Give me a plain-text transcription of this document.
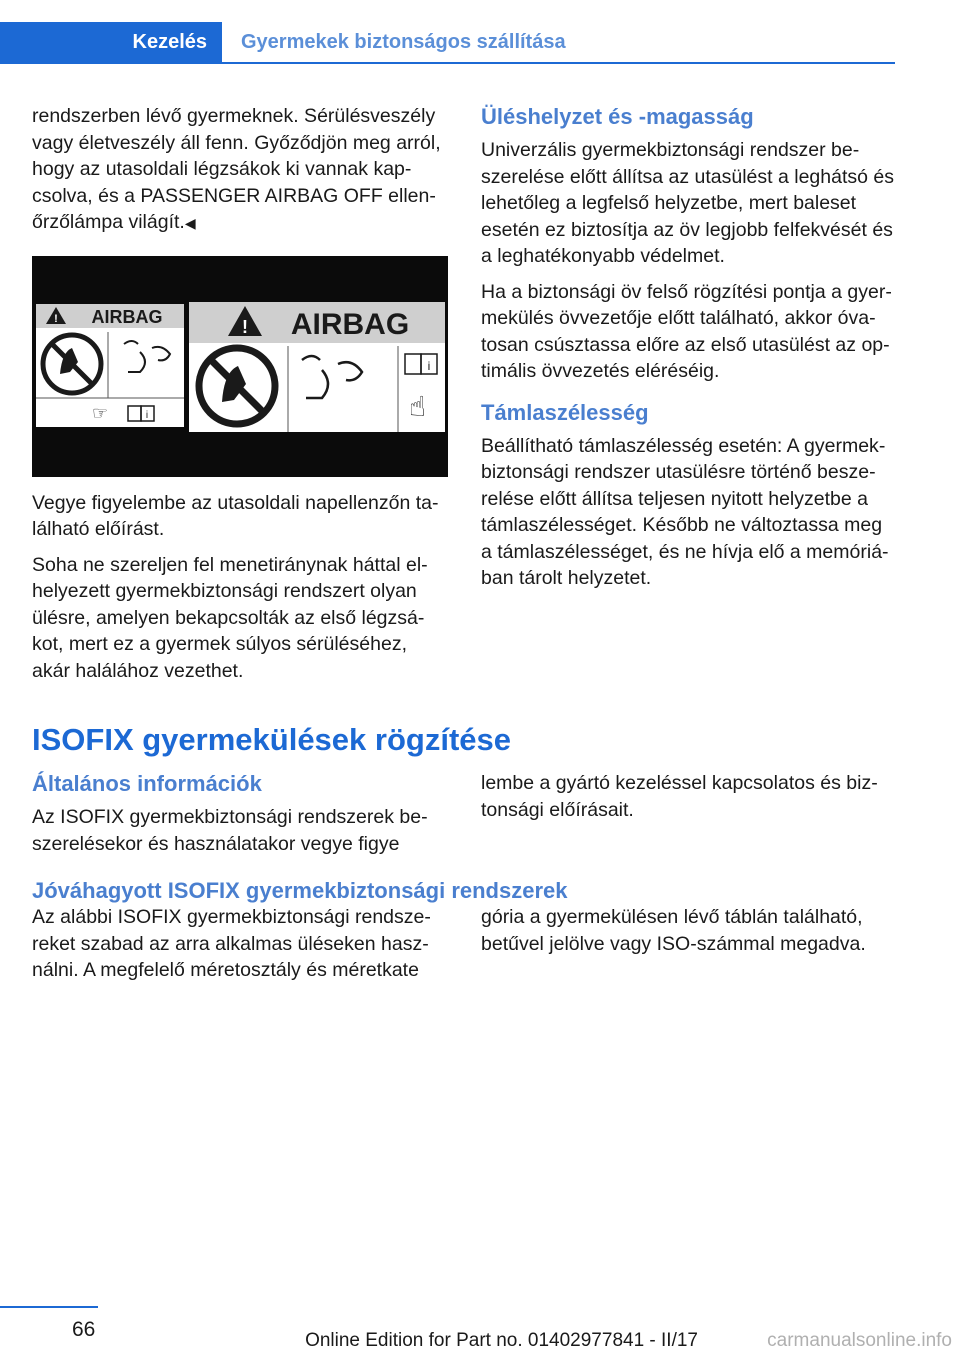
Kezelés	Gyermekek biztonságos szállítása

rendszerben lévő gyermeknek. Sérülésveszély vagy életveszély áll fenn. Győződjön meg arról, hogy az utasoldali légzsákok ki vannak kapcsolva, és a PASSENGER AIRBAG OFF ellenőrzőlámpa világít.◀

! AIRBAG
☞	i
! AIRBAG
i
☝

Vegye figyelembe az utasoldali napellenzőn található előírást.

Soha ne szereljen fel menetiránynak háttal elhelyezett gyermekbiztonsági rendszert olyan ülésre, amelyen bekapcsolták az első légzsákot, mert ez a gyermek súlyos sérüléséhez, akár halálához vezethet.

Üléshelyzet és -magasság

Univerzális gyermekbiztonsági rendszer beszerelése előtt állítsa az utasülést a leghátsó és lehetőleg a legfelső helyzetbe, mert baleset esetén ez biztosítja az öv legjobb felfekvését és a leghatékonyabb védelmet.

Ha a biztonsági öv felső rögzítési pontja a gyermekülés övvezetője előtt található, akkor óvatosan csúsztassa előre az első utasülést az optimális övvezetés eléréséig.

Támlaszélesség

Beállítható támlaszélesség esetén: A gyermekbiztonsági rendszer utasülésre történő beszerelése előtt állítsa teljesen nyitott helyzetbe a támlaszélességet. Később ne változtassa meg a támlaszélességet, és ne hívja elő a memóriában tárolt helyzetet.

ISOFIX gyermekülések rögzítése
Általános információk

Az ISOFIX gyermekbiztonsági rendszerek beszerelésekor és használatakor vegye figye

lembe a gyártó kezeléssel kapcsolatos és biztonsági előírásait.

Jóváhagyott ISOFIX gyermekbiztonsági rendszerek

Az alábbi ISOFIX gyermekbiztonsági rendszereket szabad az arra alkalmas üléseken használni. A megfelelő méretosztály és méretkate

gória a gyermekülésen lévő táblán található, betűvel jelölve vagy ISO-számmal megadva.

66	Online Edition for Part no. 01402977841 - II/17	carmanualsonline.info
